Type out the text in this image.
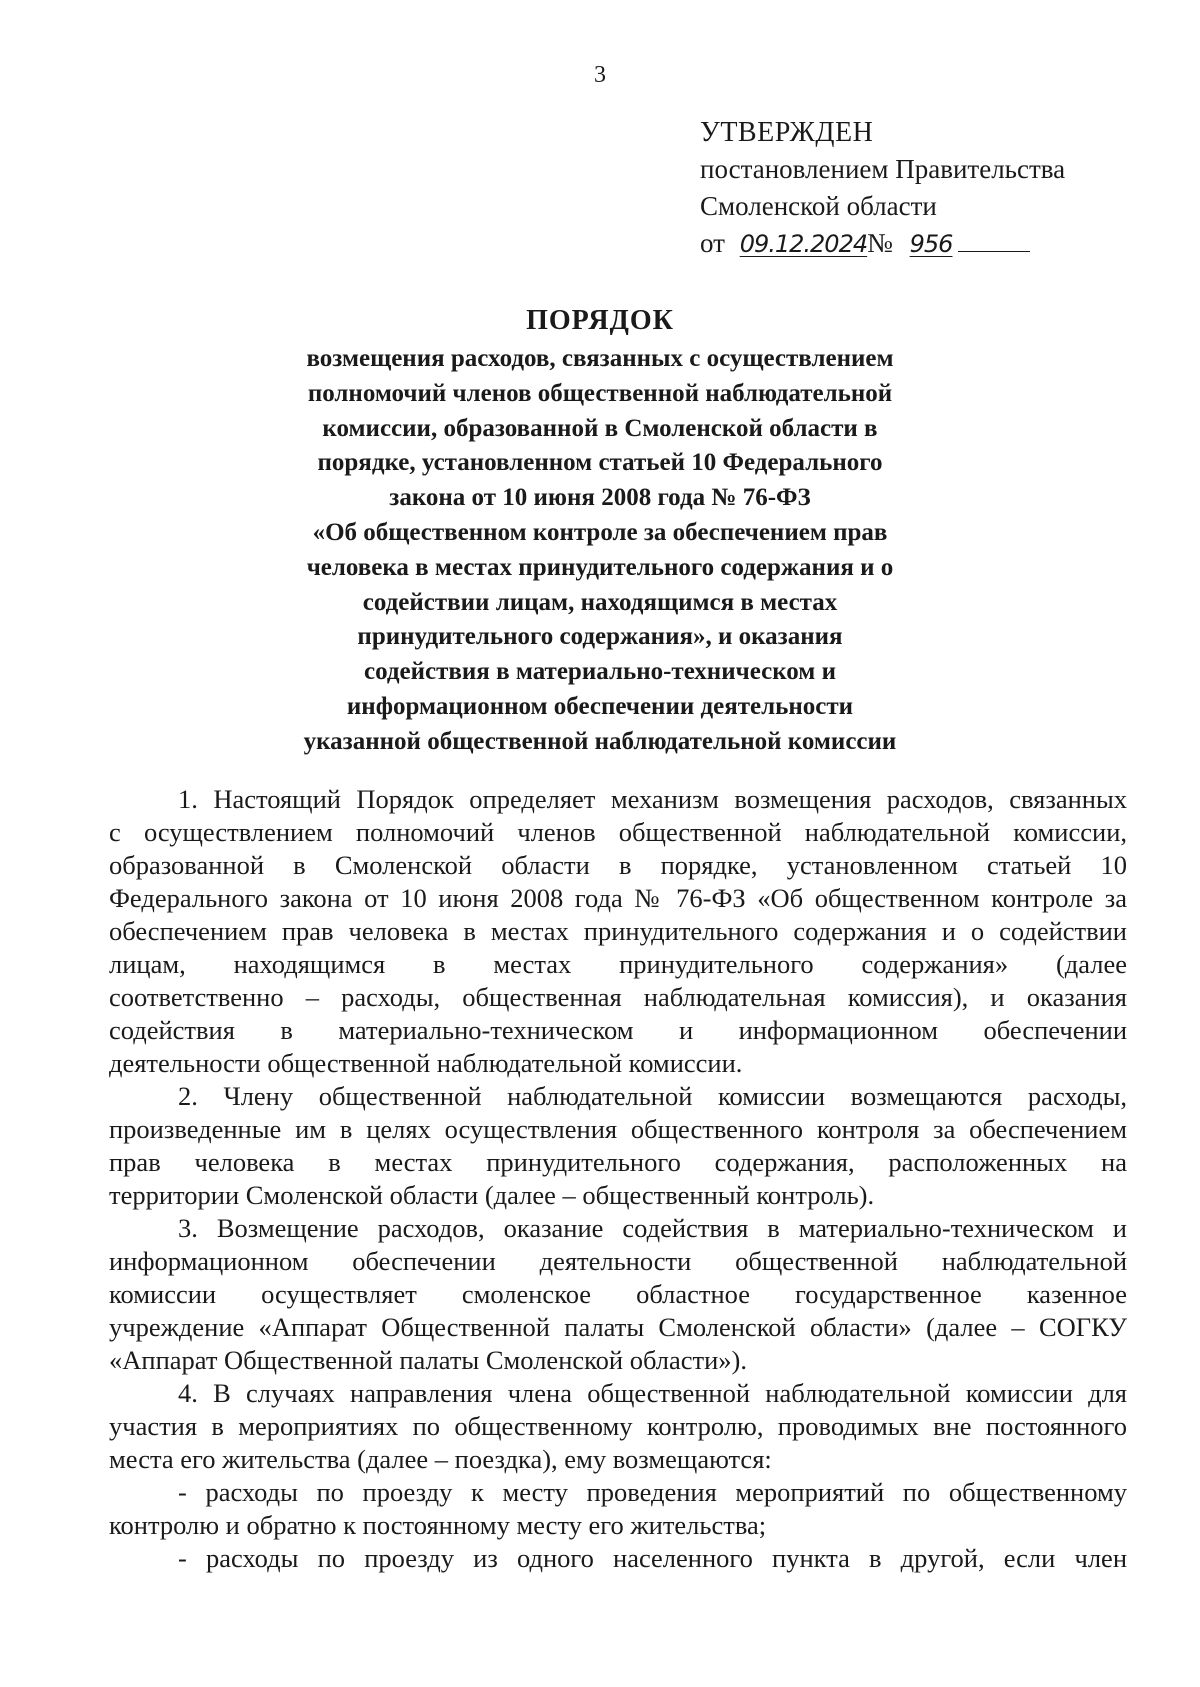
3
УТВЕРЖДЕН
постановлением Правительства
Смоленской области
от 09.12.2024№ 956
ПОРЯДОК
возмещения расходов, связанных с осуществлением
полномочий членов общественной наблюдательной
комиссии, образованной в Смоленской области в
порядке, установленном статьей 10 Федерального
закона от 10 июня 2008 года № 76-ФЗ
«Об общественном контроле за обеспечением прав
человека в местах принудительного содержания и о
содействии лицам, находящимся в местах
принудительного содержания», и оказания
содействия в материально-техническом и
информационном обеспечении деятельности
указанной общественной наблюдательной комиссии
1. Настоящий Порядок определяет механизм возмещения расходов, связанных
с осуществлением полномочий членов общественной наблюдательной комиссии,
образованной в Смоленской области в порядке, установленном статьей 10
Федерального закона от 10 июня 2008 года № 76-ФЗ «Об общественном контроле за
обеспечением прав человека в местах принудительного содержания и о содействии
лицам, находящимся в местах принудительного содержания» (далее
соответственно – расходы, общественная наблюдательная комиссия), и оказания
содействия в материально-техническом и информационном обеспечении
деятельности общественной наблюдательной комиссии.
2. Члену общественной наблюдательной комиссии возмещаются расходы,
произведенные им в целях осуществления общественного контроля за обеспечением
прав человека в местах принудительного содержания, расположенных на
территории Смоленской области (далее – общественный контроль).
3. Возмещение расходов, оказание содействия в материально-техническом и
информационном обеспечении деятельности общественной наблюдательной
комиссии осуществляет смоленское областное государственное казенное
учреждение «Аппарат Общественной палаты Смоленской области» (далее – СОГКУ
«Аппарат Общественной палаты Смоленской области»).
4. В случаях направления члена общественной наблюдательной комиссии для
участия в мероприятиях по общественному контролю, проводимых вне постоянного
места его жительства (далее – поездка), ему возмещаются:
- расходы по проезду к месту проведения мероприятий по общественному
контролю и обратно к постоянному месту его жительства;
- расходы по проезду из одного населенного пункта в другой, если член
